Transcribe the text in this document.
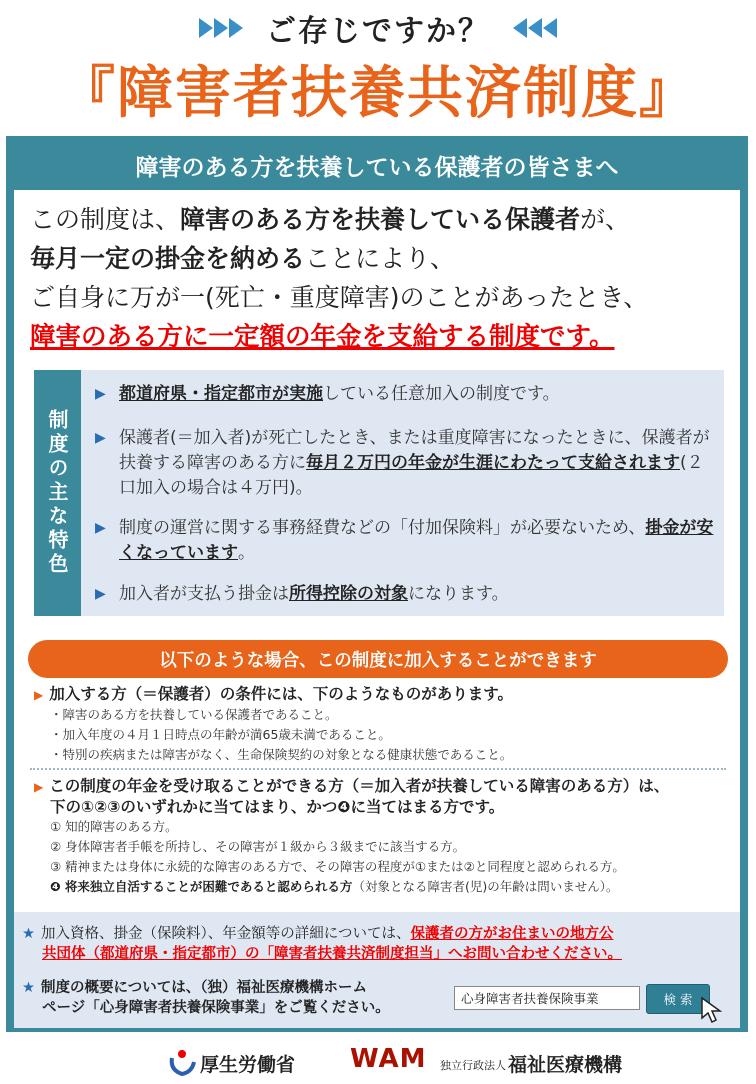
ご存じですか？
『障害者扶養共済制度』
障害のある方を扶養している保護者の皆さまへ
この制度は、障害のある方を扶養している保護者が、
毎月一定の掛金を納めることにより、
ご自身に万が一(死亡・重度障害)のことがあったとき、
障害のある方に一定額の年金を支給する制度です。
制度の主な特色
▶ 都道府県・指定都市が実施している任意加入の制度です。
▶ 保護者(＝加入者)が死亡したとき、または重度障害になったときに、保護者が扶養する障害のある方に毎月２万円の年金が生涯にわたって支給されます(２口加入の場合は４万円)。
▶ 制度の運営に関する事務経費などの「付加保険料」が必要ないため、掛金が安くなっています。
▶ 加入者が支払う掛金は所得控除の対象になります。
以下のような場合、この制度に加入することができます
▶ 加入する方（＝保護者）の条件には、下のようなものがあります。
・障害のある方を扶養している保護者であること。
・加入年度の４月１日時点の年齢が満65歳未満であること。
・特別の疾病または障害がなく、生命保険契約の対象となる健康状態であること。
▶ この制度の年金を受け取ることができる方（＝加入者が扶養している障害のある方）は、
下の①②③のいずれかに当てはまり、かつ❹に当てはまる方です。
① 知的障害のある方。
② 身体障害者手帳を所持し、その障害が１級から３級までに該当する方。
③ 精神または身体に永続的な障害のある方で、その障害の程度が①または②と同程度と認められる方。
❹ 将来独立自活することが困難であると認められる方（対象となる障害者(児)の年齢は問いません）。
★ 加入資格、掛金（保険料）、年金額等の詳細については、保護者の方がお住まいの地方公
共団体（都道府県・指定都市）の「障害者扶養共済制度担当」へお問い合わせください。
★ 制度の概要については、（独）福祉医療機構ホーム
ページ「心身障害者扶養保険事業」をご覧ください。
心身障害者扶養保険事業	検 索
厚生労働省 WAM 独立行政法人 福祉医療機構
